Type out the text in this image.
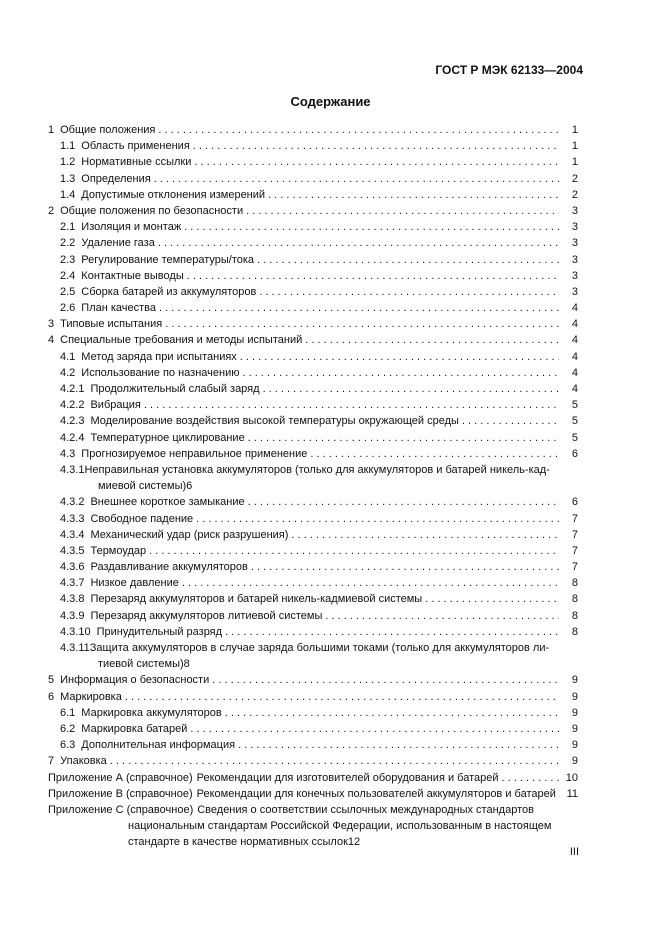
ГОСТ Р МЭК 62133—2004
Содержание
1 Общие положения . . .	1
1.1 Область применения . . .	1
1.2 Нормативные ссылки . . .	1
1.3 Определения . . .	2
1.4 Допустимые отклонения измерений . . .	2
2 Общие положения по безопасности . . .	3
2.1 Изоляция и монтаж . . .	3
2.2 Удаление газа . . .	3
2.3 Регулирование температуры/тока . . .	3
2.4 Контактные выводы . . .	3
2.5 Сборка батарей из аккумуляторов . . .	3
2.6 План качества . . .	4
3 Типовые испытания . . .	4
4 Специальные требования и методы испытаний . . .	4
4.1 Метод заряда при испытаниях . . .	4
4.2 Использование по назначению . . .	4
4.2.1 Продолжительный слабый заряд . . .	4
4.2.2 Вибрация . . .	5
4.2.3 Моделирование воздействия высокой температуры окружающей среды . . .	5
4.2.4 Температурное циклирование . . .	5
4.3 Прогнозируемое неправильное применение . . .	6
4.3.1 Неправильная установка аккумуляторов (только для аккумуляторов и батарей никель-кад-
миевой системы) 6
4.3.2 Внешнее короткое замыкание . . .	6
4.3.3 Свободное падение . . .	7
4.3.4 Механический удар (риск разрушения) . . .	7
4.3.5 Термоудар . . .	7
4.3.6 Раздавливание аккумуляторов . . .	7
4.3.7 Низкое давление . . .	8
4.3.8 Перезаряд аккумуляторов и батарей никель-кадмиевой системы . . .	8
4.3.9 Перезаряд аккумуляторов литиевой системы . . .	8
4.3.10 Принудительный разряд . . .	8
4.3.11 Защита аккумуляторов в случае заряда большими токами (только для аккумуляторов ли-
тиевой системы) 8
5 Информация о безопасности . . .	9
6 Маркировка . . .	9
6.1 Маркировка аккумуляторов . . .	9
6.2 Маркировка батарей . . .	9
6.3 Дополнительная информация . . .	9
7 Упаковка . . .	9
Приложение А (справочное) Рекомендации для изготовителей оборудования и батарей . . .	10
Приложение В (справочное) Рекомендации для конечных пользователей аккумуляторов и батарей . . . 11
Приложение С (справочное) Сведения о соответствии ссылочных международных стандартов
национальным стандартам Российской Федерации, использованным в настоящем
стандарте в качестве нормативных ссылок 12
III
